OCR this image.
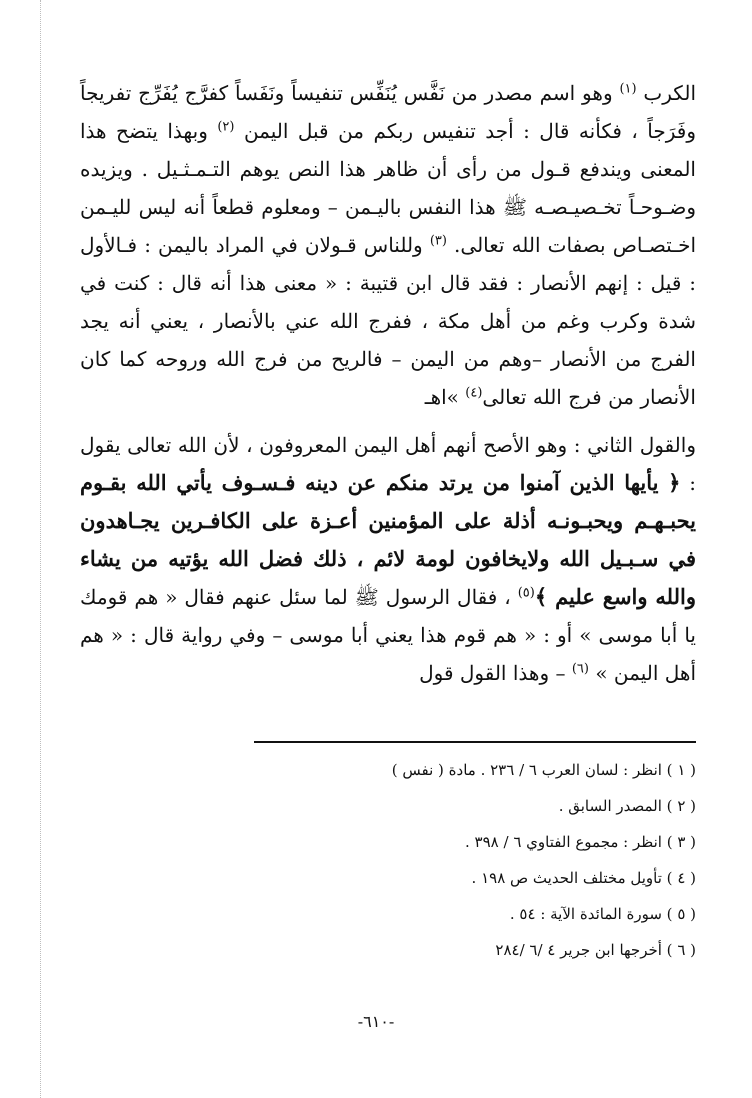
الكرب $^{(١)}$ وهو اسم مصدر من نَفَّس يُنَفِّس تنفيساً ونَفَساً كفرَّج يُفَرِّج تفريجاً وفَرَجاً ، فكأنه قال : أجد تنفيس ربكم من قبل اليمن $^{(٢)}$ وبهذا يتضح هذا المعنى ويندفع قـول من رأى أن ظاهر هذا النص يوهم التـمـثـيل . ويزيده وضـوحـاً تخـصيـصـه ﷺ هذا النفس باليـمن – ومعلوم قطعاً أنه ليس لليـمن اخـتصـاص بصفات الله تعالى. $^{(٣)}$ وللناس قـولان في المراد باليمن : فـالأول : قيل : إنهم الأنصار : فقد قال ابن قتيبة : « معنى هذا أنه قال : كنت في شدة وكرب وغم من أهل مكة ، ففرج الله عني بالأنصار ، يعني أنه يجد الفرج من الأنصار –وهم من اليمن – فالريح من فرج الله وروحه كما كان الأنصار من فرج الله تعالى$^{(٤)}$ »اهـ

والقول الثاني : وهو الأصح أنهم أهل اليمن المعروفون ، لأن الله تعالى يقول : ﴿ يأيها الذين آمنوا من يرتد منكم عن دينه فـسـوف يأتي الله بقـوم يحبـهـم ويحبـونـه أذلة على المؤمنين أعـزة على الكافـرين يجـاهدون في سـبـيل الله ولايخافون لومة لائم ، ذلك فضل الله يؤتيه من يشاء والله واسع عليم ﴾$^{(٥)}$ ، فقال الرسول ﷺ لما سئل عنهم فقال « هم قومك يا أبا موسى » أو : « هم قوم هذا يعني أبا موسى – وفي رواية قال : « هم أهل اليمن » $^{(٦)}$ – وهذا القول قول

( ١ ) انظر : لسان العرب ٦ / ٢٣٦ . مادة ( نفس )
( ٢ ) المصدر السابق .
( ٣ ) انظر : مجموع الفتاوي ٦ / ٣٩٨ .
( ٤ ) تأويل مختلف الحديث ص ١٩٨ .
( ٥ ) سورة المائدة الآية : ٥٤ .
( ٦ ) أخرجها ابن جرير ٤ /٦ /٢٨٤
-٦١٠-
